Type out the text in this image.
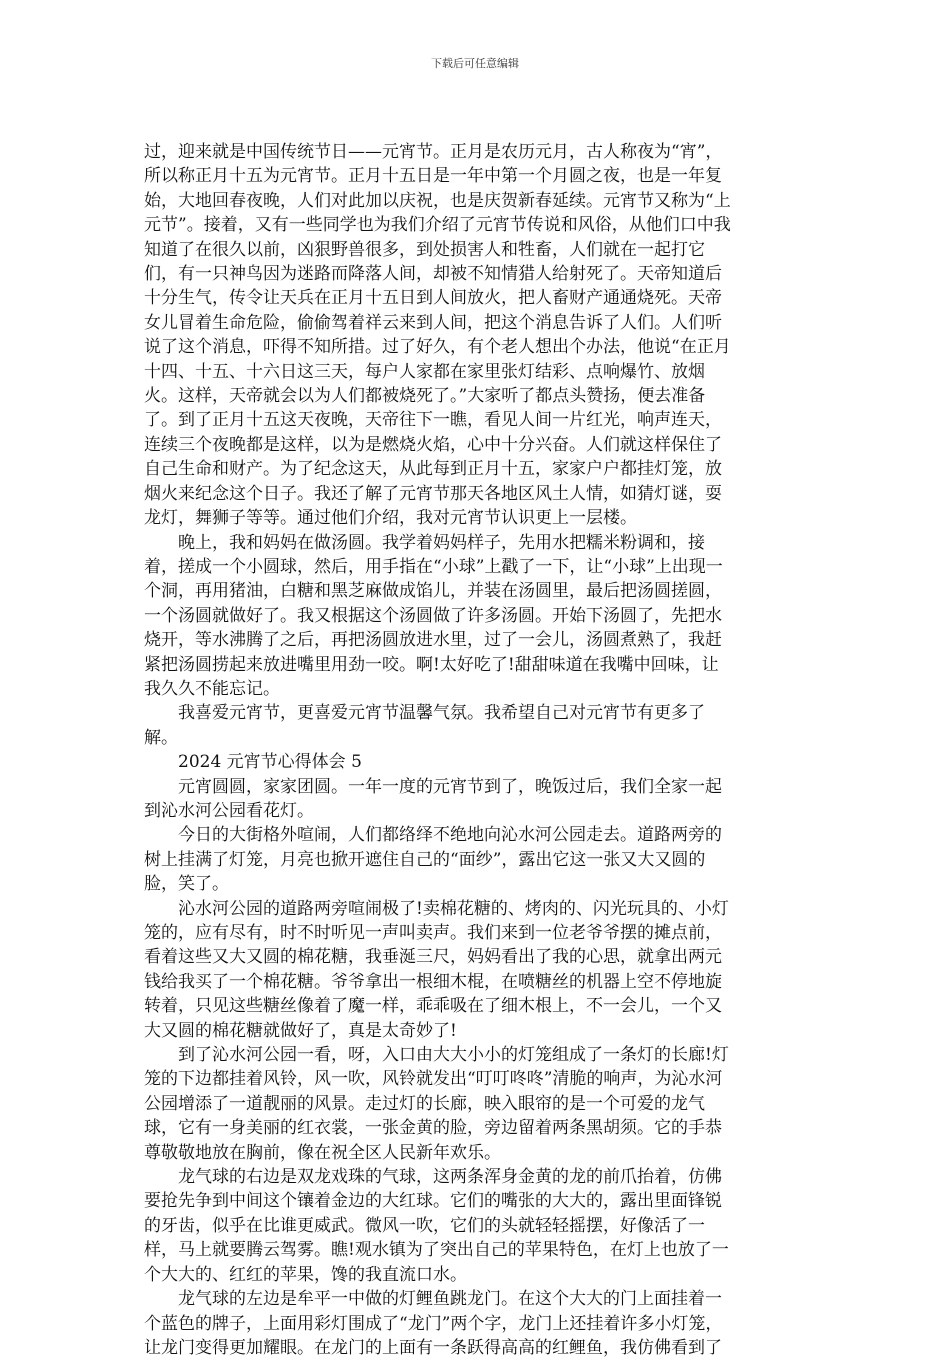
下载后可任意编辑
过，迎来就是中国传统节日——元宵节。正月是农历元月，古人称夜为“宵”，
所以称正月十五为元宵节。正月十五日是一年中第一个月圆之夜，也是一年复
始，大地回春夜晚，人们对此加以庆祝，也是庆贺新春延续。元宵节又称为“上
元节”。接着，又有一些同学也为我们介绍了元宵节传说和风俗，从他们口中我
知道了在很久以前，凶狠野兽很多，到处损害人和牲畜，人们就在一起打它
们，有一只神鸟因为迷路而降落人间，却被不知情猎人给射死了。天帝知道后
十分生气，传令让天兵在正月十五日到人间放火，把人畜财产通通烧死。天帝
女儿冒着生命危险，偷偷驾着祥云来到人间，把这个消息告诉了人们。人们听
说了这个消息，吓得不知所措。过了好久，有个老人想出个办法，他说“在正月
十四、十五、十六日这三天，每户人家都在家里张灯结彩、点响爆竹、放烟
火。这样，天帝就会以为人们都被烧死了。”大家听了都点头赞扬，便去准备
了。到了正月十五这天夜晚，天帝往下一瞧，看见人间一片红光，响声连天，
连续三个夜晚都是这样，以为是燃烧火焰，心中十分兴奋。人们就这样保住了
自己生命和财产。为了纪念这天，从此每到正月十五，家家户户都挂灯笼，放
烟火来纪念这个日子。我还了解了元宵节那天各地区风土人情，如猜灯谜，耍
龙灯，舞狮子等等。通过他们介绍，我对元宵节认识更上一层楼。
晚上，我和妈妈在做汤圆。我学着妈妈样子，先用水把糯米粉调和，接
着，搓成一个小圆球，然后，用手指在“小球”上戳了一下，让“小球”上出现一
个洞，再用猪油，白糖和黑芝麻做成馅儿，并装在汤圆里，最后把汤圆搓圆，
一个汤圆就做好了。我又根据这个汤圆做了许多汤圆。开始下汤圆了，先把水
烧开，等水沸腾了之后，再把汤圆放进水里，过了一会儿，汤圆煮熟了，我赶
紧把汤圆捞起来放进嘴里用劲一咬。啊!太好吃了!甜甜味道在我嘴中回味，让
我久久不能忘记。
我喜爱元宵节，更喜爱元宵节温馨气氛。我希望自己对元宵节有更多了
解。
2024 元宵节心得体会 5
元宵圆圆，家家团圆。一年一度的元宵节到了，晚饭过后，我们全家一起
到沁水河公园看花灯。
今日的大街格外喧闹，人们都络绎不绝地向沁水河公园走去。道路两旁的
树上挂满了灯笼，月亮也掀开遮住自己的“面纱”，露出它这一张又大又圆的
脸，笑了。
沁水河公园的道路两旁喧闹极了!卖棉花糖的、烤肉的、闪光玩具的、小灯
笼的，应有尽有，时不时听见一声叫卖声。我们来到一位老爷爷摆的摊点前，
看着这些又大又圆的棉花糖，我垂涎三尺，妈妈看出了我的心思，就拿出两元
钱给我买了一个棉花糖。爷爷拿出一根细木棍，在喷糖丝的机器上空不停地旋
转着，只见这些糖丝像着了魔一样，乖乖吸在了细木根上，不一会儿，一个又
大又圆的棉花糖就做好了，真是太奇妙了!
到了沁水河公园一看，呀，入口由大大小小的灯笼组成了一条灯的长廊!灯
笼的下边都挂着风铃，风一吹，风铃就发出“叮叮咚咚”清脆的响声，为沁水河
公园增添了一道靓丽的风景。走过灯的长廊，映入眼帘的是一个可爱的龙气
球，它有一身美丽的红衣裳，一张金黄的脸，旁边留着两条黑胡须。它的手恭
尊敬敬地放在胸前，像在祝全区人民新年欢乐。
龙气球的右边是双龙戏珠的气球，这两条浑身金黄的龙的前爪抬着，仿佛
要抢先争到中间这个镶着金边的大红球。它们的嘴张的大大的，露出里面锋锐
的牙齿，似乎在比谁更威武。微风一吹，它们的头就轻轻摇摆，好像活了一
样，马上就要腾云驾雾。瞧!观水镇为了突出自己的苹果特色，在灯上也放了一
个大大的、红红的苹果，馋的我直流口水。
龙气球的左边是牟平一中做的灯鲤鱼跳龙门。在这个大大的门上面挂着一
个蓝色的牌子，上面用彩灯围成了“龙门”两个字，龙门上还挂着许多小灯笼，
让龙门变得更加耀眼。在龙门的上面有一条跃得高高的红鲤鱼，我仿佛看到了
